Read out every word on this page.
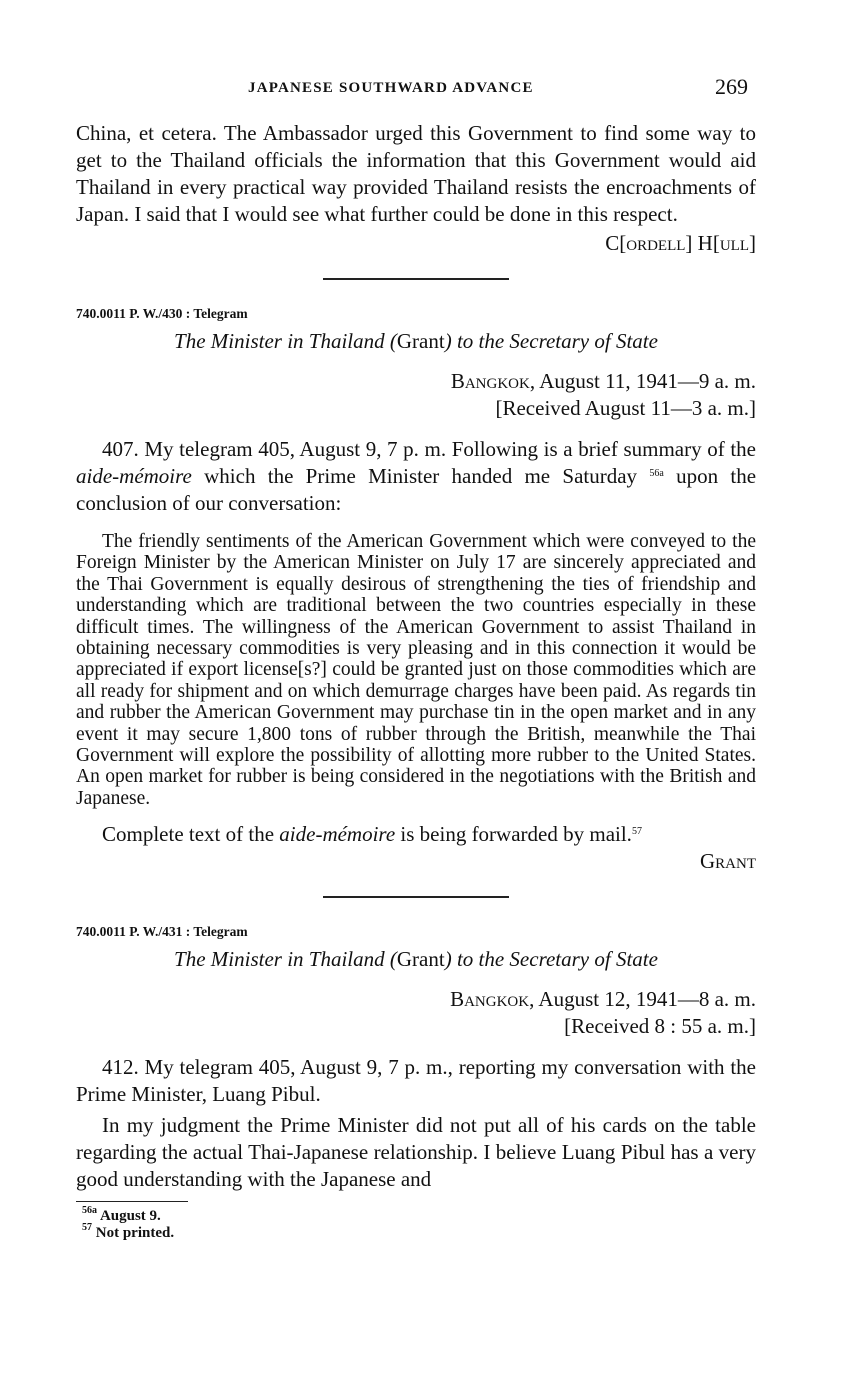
JAPANESE SOUTHWARD ADVANCE	269

China, et cetera. The Ambassador urged this Government to find some way to get to the Thailand officials the information that this Government would aid Thailand in every practical way provided Thailand resists the encroachments of Japan. I said that I would see what further could be done in this respect.

C[ordell] H[ull]
740.0011 P. W./430 : Telegram
The Minister in Thailand (Grant) to the Secretary of State
Bangkok, August 11, 1941—9 a. m.
[Received August 11—3 a. m.]

407. My telegram 405, August 9, 7 p. m. Following is a brief summary of the aide-mémoire which the Prime Minister handed me Saturday $^{56a}$ upon the conclusion of our conversation:

The friendly sentiments of the American Government which were conveyed to the Foreign Minister by the American Minister on July 17 are sincerely appreciated and the Thai Government is equally desirous of strengthening the ties of friendship and understanding which are traditional between the two countries especially in these difficult times. The willingness of the American Government to assist Thailand in obtaining necessary commodities is very pleasing and in this connection it would be appreciated if export license[s?] could be granted just on those commodities which are all ready for shipment and on which demurrage charges have been paid. As regards tin and rubber the American Government may purchase tin in the open market and in any event it may secure 1,800 tons of rubber through the British, meanwhile the Thai Government will explore the possibility of allotting more rubber to the United States. An open market for rubber is being considered in the negotiations with the British and Japanese.

Complete text of the aide-mémoire is being forwarded by mail.$^{57}$

Grant
740.0011 P. W./431 : Telegram
The Minister in Thailand (Grant) to the Secretary of State
Bangkok, August 12, 1941—8 a. m.
[Received 8 : 55 a. m.]

412. My telegram 405, August 9, 7 p. m., reporting my conversation with the Prime Minister, Luang Pibul.

In my judgment the Prime Minister did not put all of his cards on the table regarding the actual Thai-Japanese relationship. I believe Luang Pibul has a very good understanding with the Japanese and

$^{56a}$ August 9.
$^{57}$ Not printed.
